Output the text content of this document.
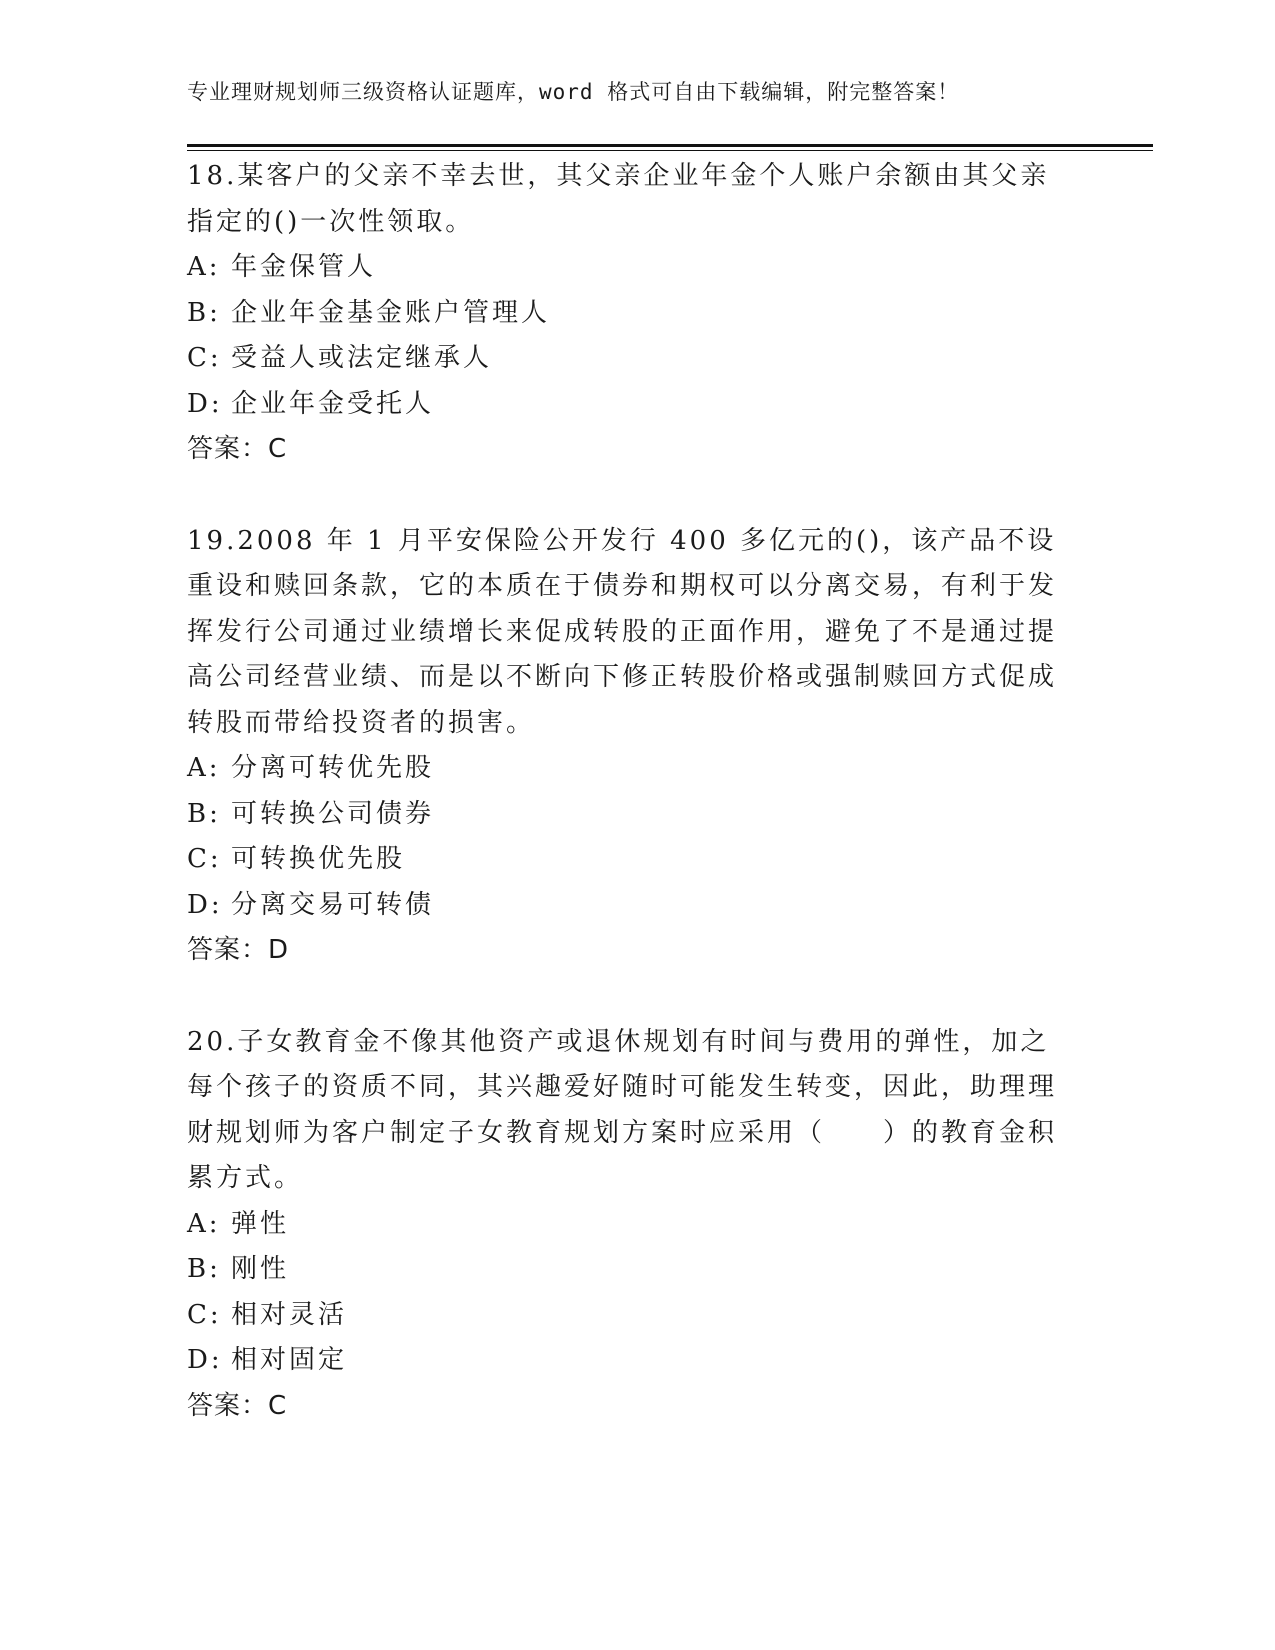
专业理财规划师三级资格认证题库，word 格式可自由下载编辑，附完整答案！

18.某客户的父亲不幸去世，其父亲企业年金个人账户余额由其父亲指定的()一次性领取。

A: 年金保管人

B: 企业年金基金账户管理人

C: 受益人或法定继承人

D: 企业年金受托人

答案：C

19.2008 年 1 月平安保险公开发行 400 多亿元的()，该产品不设重设和赎回条款，它的本质在于债券和期权可以分离交易，有利于发挥发行公司通过业绩增长来促成转股的正面作用，避免了不是通过提高公司经营业绩、而是以不断向下修正转股价格或强制赎回方式促成转股而带给投资者的损害。

A: 分离可转优先股

B: 可转换公司债券

C: 可转换优先股

D: 分离交易可转债

答案：D

20.子女教育金不像其他资产或退休规划有时间与费用的弹性，加之每个孩子的资质不同，其兴趣爱好随时可能发生转变，因此，助理理财规划师为客户制定子女教育规划方案时应采用（　　）的教育金积累方式。

A: 弹性

B: 刚性

C: 相对灵活

D: 相对固定

答案：C
